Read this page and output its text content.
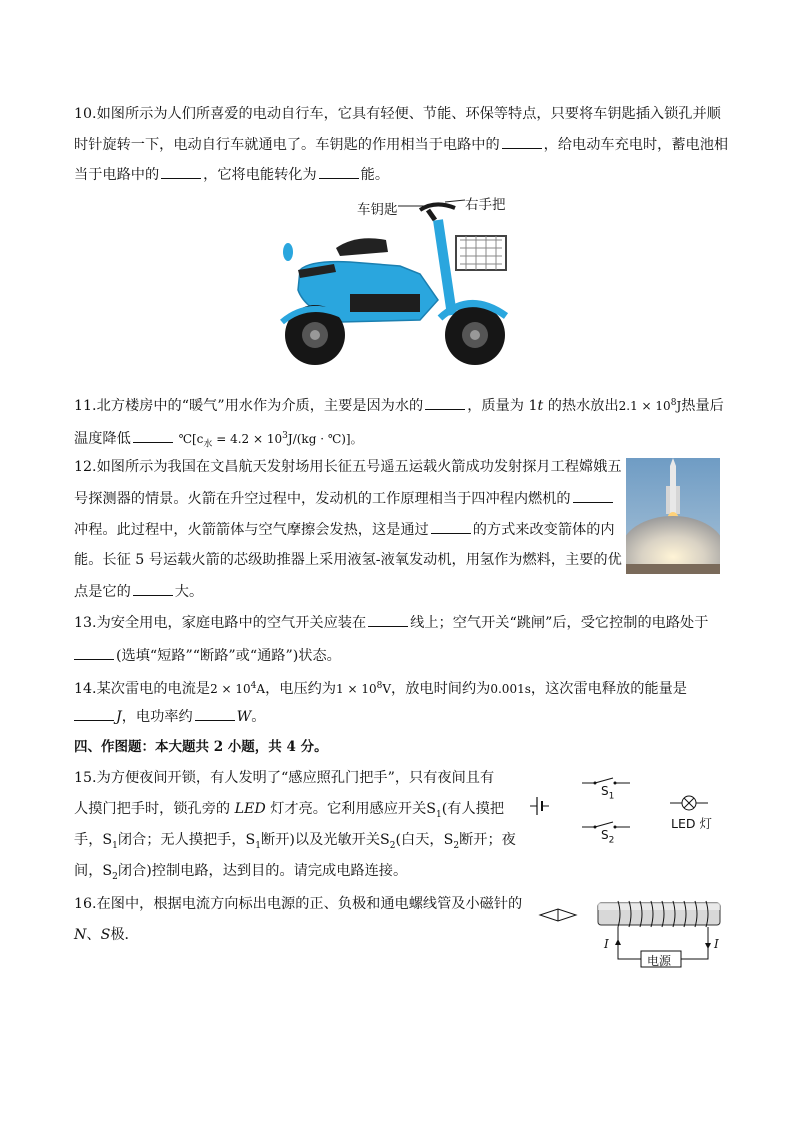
10.如图所示为人们所喜爱的电动自行车，它具有轻便、节能、环保等特点，只要将车钥匙插入锁孔并顺
时针旋转一下，电动自行车就通电了。车钥匙的作用相当于电路中的	，给电动车充电时，蓄电池相
当于电路中的	，它将电能转化为	能。
车钥匙	右手把
11.北方楼房中的“暖气”用水作为介质，主要是因为水的	，质量为 1t 的热水放出$2.1 \times 10^8J$热量后
温度降低	$℃[c_水 = 4.2 \times 10^3J/(kg$ · ℃)]。
12.如图所示为我国在文昌航天发射场用长征五号遥五运载火箭成功发射探月工程嫦娥五
号探测器的情景。火箭在升空过程中，发动机的工作原理相当于四冲程内燃机的
冲程。此过程中，火箭箭体与空气摩擦会发热，这是通过	的方式来改变箭体的内
能。长征 5 号运载火箭的芯级助推器上采用液氢-液氧发动机，用氢作为燃料，主要的优
点是它的	大。
13.为安全用电，家庭电路中的空气开关应装在	线上；空气开关“跳闸”后，受它控制的电路处于
(选填“短路”“断路”或“通路”)状态。
14.某次雷电的电流是$2 \times 10^4A$，电压约为$1 \times 10^8V$，放电时间约为0.001s，这次雷电释放的能量是
J，电功率约	W。
四、作图题：本大题共 2 小题，共 4 分。
15.为方便夜间开锁，有人发明了“感应照孔门把手”，只有夜间且有
人摸门把手时，锁孔旁的 LED 灯才亮。它利用感应开关$S_1$(有人摸把
手，$S_1$闭合；无人摸把手，$S_1$断开)以及光敏开关$S_2$(白天，$S_2$断开；夜
间，$S_2$闭合)控制电路，达到目的。请完成电路连接。
$S_1$
$S_2$
LED 灯
16.在图中，根据电流方向标出电源的正、负极和通电螺线管及小磁针的
N、S极．
I	I
电源
